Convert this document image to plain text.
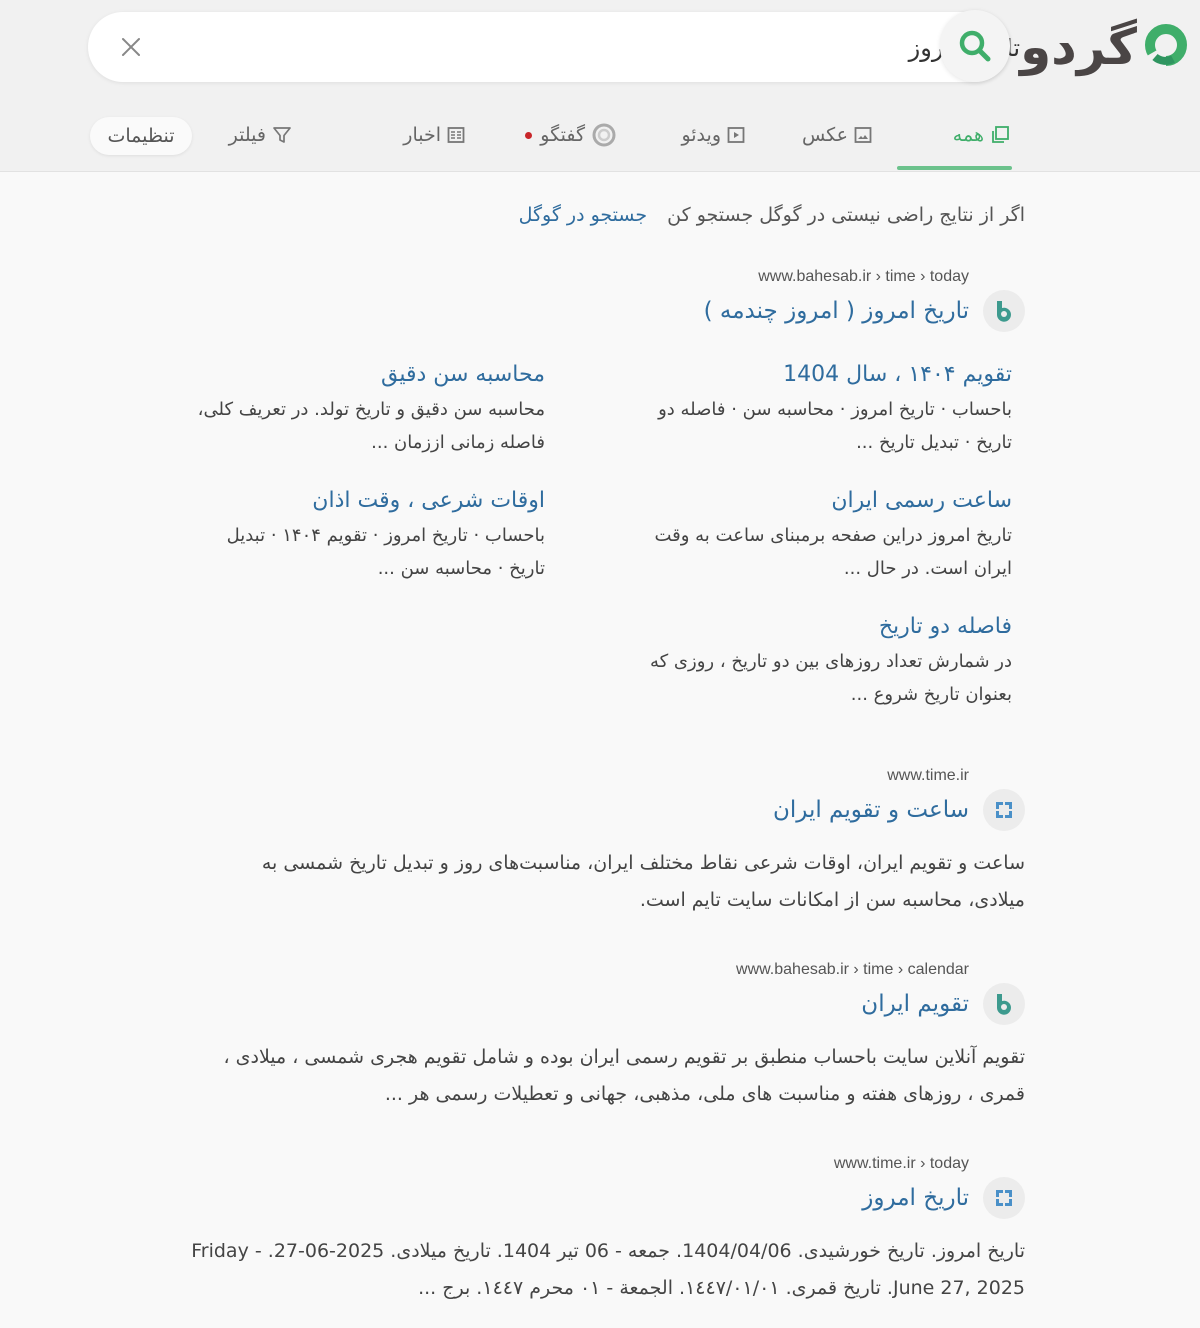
گردو
تاریخ امروز
همه
عکس
ویدئو
گفتگو
اخبار
فیلتر
تنظیمات
اگر از نتایج راضی نیستی در گوگل جستجو کن جستجو در گوگل
www.bahesab.ir › time › today
تاریخ امروز ( امروز چندمه )
تقویم ۱۴۰۴ ، سال 1404
باحساب · تاریخ امروز · محاسبه سن · فاصله دو
تاریخ · تبدیل تاریخ ...
محاسبه سن دقیق
محاسبه سن دقیق و تاریخ تولد. در تعریف کلی،
فاصله زمانی اززمان ...
ساعت رسمی ایران
تاریخ امروز دراین صفحه برمبنای ساعت به وقت
ایران است. در حال ...
اوقات شرعی ، وقت اذان
باحساب · تاریخ امروز · تقویم ۱۴۰۴ · تبدیل
تاریخ · محاسبه سن ...
فاصله دو تاریخ
در شمارش تعداد روزهای بین دو تاریخ ، روزی که
بعنوان تاریخ شروع ...
www.time.ir
ساعت و تقویم ایران
ساعت و تقویم ایران، اوقات شرعی نقاط مختلف ایران، مناسبت‌های روز و تبدیل تاریخ شمسی به
میلادی، محاسبه سن از امکانات سایت تایم است.
www.bahesab.ir › time › calendar
تقویم ایران
تقویم آنلاین سایت باحساب منطبق بر تقویم رسمی ایران بوده و شامل تقویم هجری شمسی ، میلادی ،
قمری ، روزهای هفته و مناسبت های ملی، مذهبی، جهانی و تعطیلات رسمی هر ...
www.time.ir › today
تاریخ امروز
تاریخ امروز. تاریخ خورشیدی. 1404/04/06. جمعه - 06 تیر 1404. تاریخ میلادی. 2025-06-27. - Friday
June 27, 2025. تاریخ قمری. ١٤٤٧/٠١/٠١. الجمعة - ٠١ محرم ١٤٤٧. برج ...
